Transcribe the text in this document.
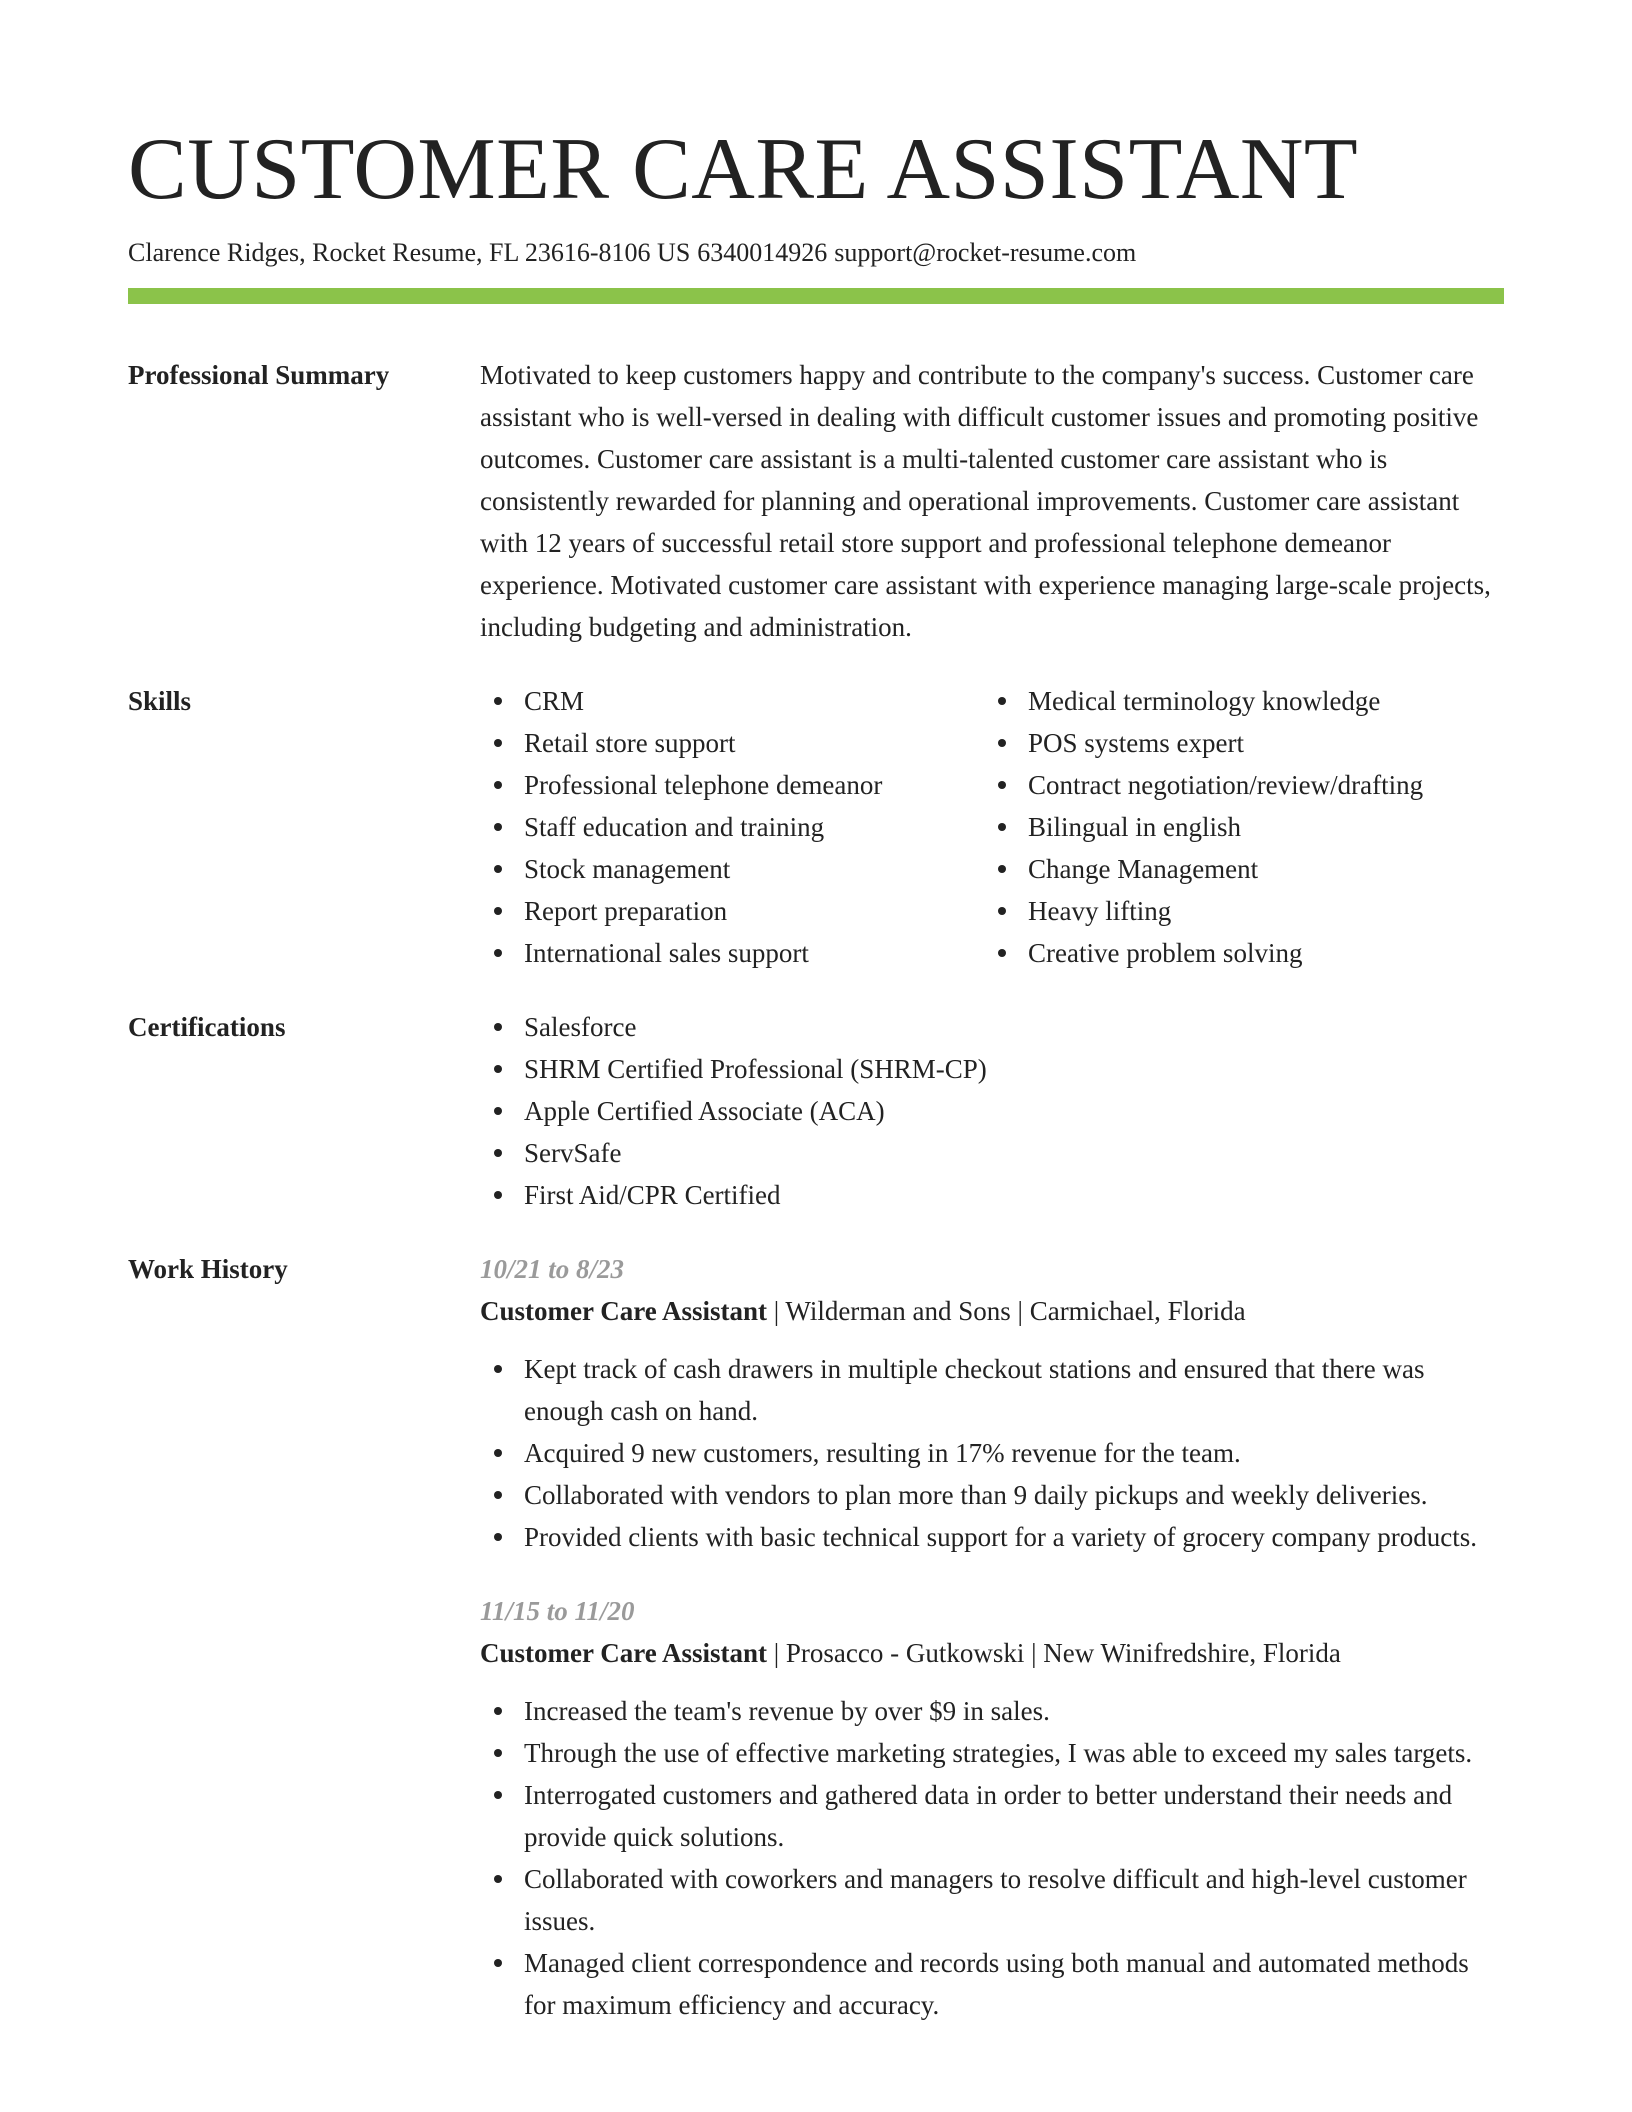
CUSTOMER CARE ASSISTANT
Clarence Ridges, Rocket Resume, FL 23616-8106 US 6340014926 support@rocket-resume.com
Professional Summary	Motivated to keep customers happy and contribute to the company's success. Customer care assistant who is well-versed in dealing with difficult customer issues and promoting positive outcomes. Customer care assistant is a multi-talented customer care assistant who is consistently rewarded for planning and operational improvements. Customer care assistant with 12 years of successful retail store support and professional telephone demeanor experience. Motivated customer care assistant with experience managing large-scale projects, including budgeting and administration.
Skills	CRM
Retail store support
Professional telephone demeanor
Staff education and training
Stock management
Report preparation
International sales support
Medical terminology knowledge
POS systems expert
Contract negotiation/review/drafting
Bilingual in english
Change Management
Heavy lifting
Creative problem solving
Certifications	Salesforce
SHRM Certified Professional (SHRM-CP)
Apple Certified Associate (ACA)
ServSafe
First Aid/CPR Certified
Work History	10/21 to 8/23
Customer Care Assistant | Wilderman and Sons | Carmichael, Florida
Kept track of cash drawers in multiple checkout stations and ensured that there was enough cash on hand.
Acquired 9 new customers, resulting in 17% revenue for the team.
Collaborated with vendors to plan more than 9 daily pickups and weekly deliveries.
Provided clients with basic technical support for a variety of grocery company products.
11/15 to 11/20
Customer Care Assistant | Prosacco - Gutkowski | New Winifredshire, Florida
Increased the team's revenue by over $9 in sales.
Through the use of effective marketing strategies, I was able to exceed my sales targets.
Interrogated customers and gathered data in order to better understand their needs and provide quick solutions.
Collaborated with coworkers and managers to resolve difficult and high-level customer issues.
Managed client correspondence and records using both manual and automated methods for maximum efficiency and accuracy.
